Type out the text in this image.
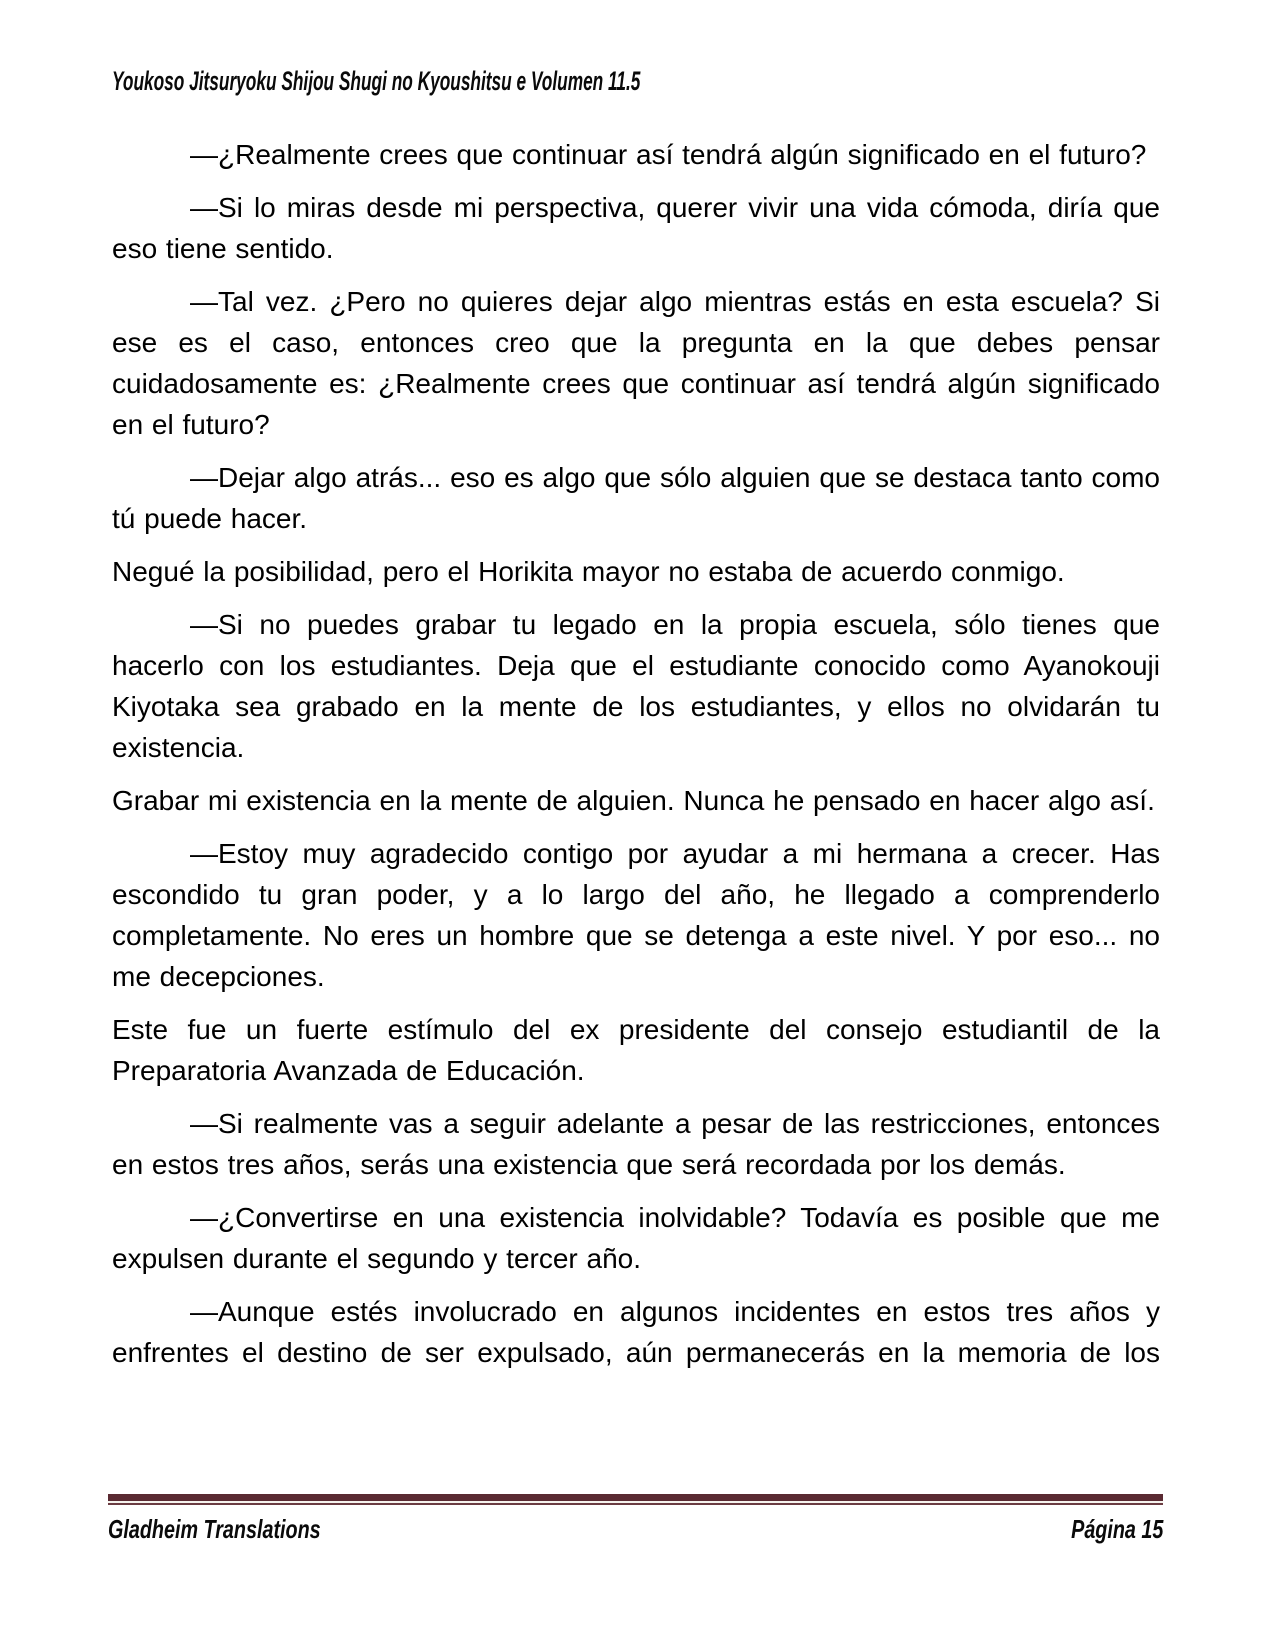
Youkoso Jitsuryoku Shijou Shugi no Kyoushitsu e Volumen 11.5

—¿Realmente crees que continuar así tendrá algún significado en el futuro?

—Si lo miras desde mi perspectiva, querer vivir una vida cómoda, diría que eso tiene sentido.

—Tal vez. ¿Pero no quieres dejar algo mientras estás en esta escuela? Si ese es el caso, entonces creo que la pregunta en la que debes pensar cuidadosamente es: ¿Realmente crees que continuar así tendrá algún significado en el futuro?

—Dejar algo atrás... eso es algo que sólo alguien que se destaca tanto como tú puede hacer.

Negué la posibilidad, pero el Horikita mayor no estaba de acuerdo conmigo.

—Si no puedes grabar tu legado en la propia escuela, sólo tienes que hacerlo con los estudiantes. Deja que el estudiante conocido como Ayanokouji Kiyotaka sea grabado en la mente de los estudiantes, y ellos no olvidarán tu existencia.

Grabar mi existencia en la mente de alguien. Nunca he pensado en hacer algo así.

—Estoy muy agradecido contigo por ayudar a mi hermana a crecer. Has escondido tu gran poder, y a lo largo del año, he llegado a comprenderlo completamente. No eres un hombre que se detenga a este nivel. Y por eso... no me decepciones.

Este fue un fuerte estímulo del ex presidente del consejo estudiantil de la Preparatoria Avanzada de Educación.

—Si realmente vas a seguir adelante a pesar de las restricciones, entonces en estos tres años, serás una existencia que será recordada por los demás.

—¿Convertirse en una existencia inolvidable? Todavía es posible que me expulsen durante el segundo y tercer año.

—Aunque estés involucrado en algunos incidentes en estos tres años y enfrentes el destino de ser expulsado, aún permanecerás en la memoria de los

Gladheim Translations	Página 15
